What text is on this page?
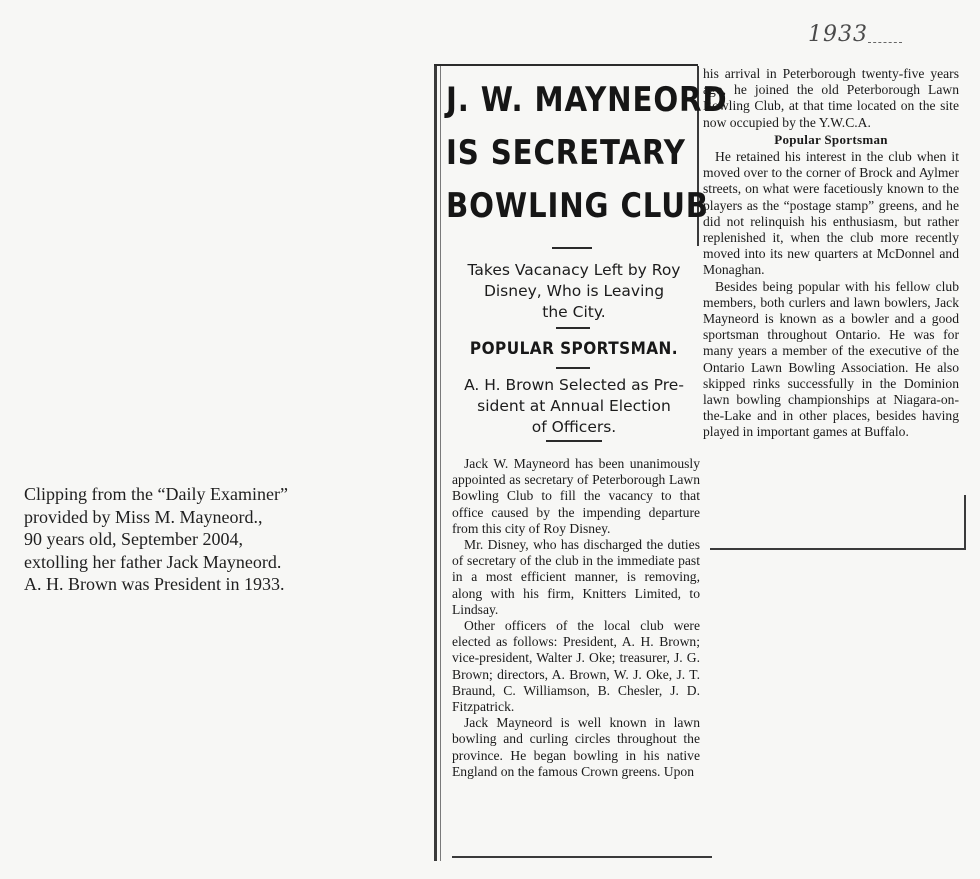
1933
Clipping from the “Daily Examiner”
provided by Miss M. Mayneord.,
90 years old, September 2004,
extolling her father Jack Mayneord.
A. H. Brown was President in 1933.
J. W. MAYNEORD
IS SECRETARY
BOWLING CLUB
Takes Vacanacy Left by Roy
Disney, Who is Leaving
the City.
POPULAR SPORTSMAN.
A. H. Brown Selected as Pre-
sident at Annual Election
of Officers.

Jack W. Mayneord has been unanimously appointed as secretary of Peterborough Lawn Bowling Club to fill the vacancy to that office caused by the impending departure from this city of Roy Disney.

Mr. Disney, who has discharged the duties of secretary of the club in the immediate past in a most efficient manner, is removing, along with his firm, Knitters Limited, to Lindsay.

Other officers of the local club were elected as follows: President, A. H. Brown; vice-president, Walter J. Oke; treasurer, J. G. Brown; directors, A. Brown, W. J. Oke, J. T. Braund, C. Williamson, B. Chesler, J. D. Fitzpatrick.

Jack Mayneord is well known in lawn bowling and curling circles throughout the province. He began bowling in his native England on the famous Crown greens. Upon

his arrival in Peterborough twenty-five years ago, he joined the old Peterborough Lawn Bowling Club, at that time located on the site now occupied by the Y.W.C.A.

Popular Sportsman

He retained his interest in the club when it moved over to the corner of Brock and Aylmer streets, on what were facetiously known to the players as the “postage stamp” greens, and he did not relinquish his enthusiasm, but rather replenished it, when the club more recently moved into its new quarters at McDonnel and Monaghan.

Besides being popular with his fellow club members, both curlers and lawn bowlers, Jack Mayneord is known as a bowler and a good sportsman throughout Ontario. He was for many years a member of the executive of the Ontario Lawn Bowling Association. He also skipped rinks successfully in the Dominion lawn bowling championships at Niagara-on-the-Lake and in other places, besides having played in important games at Buffalo.
